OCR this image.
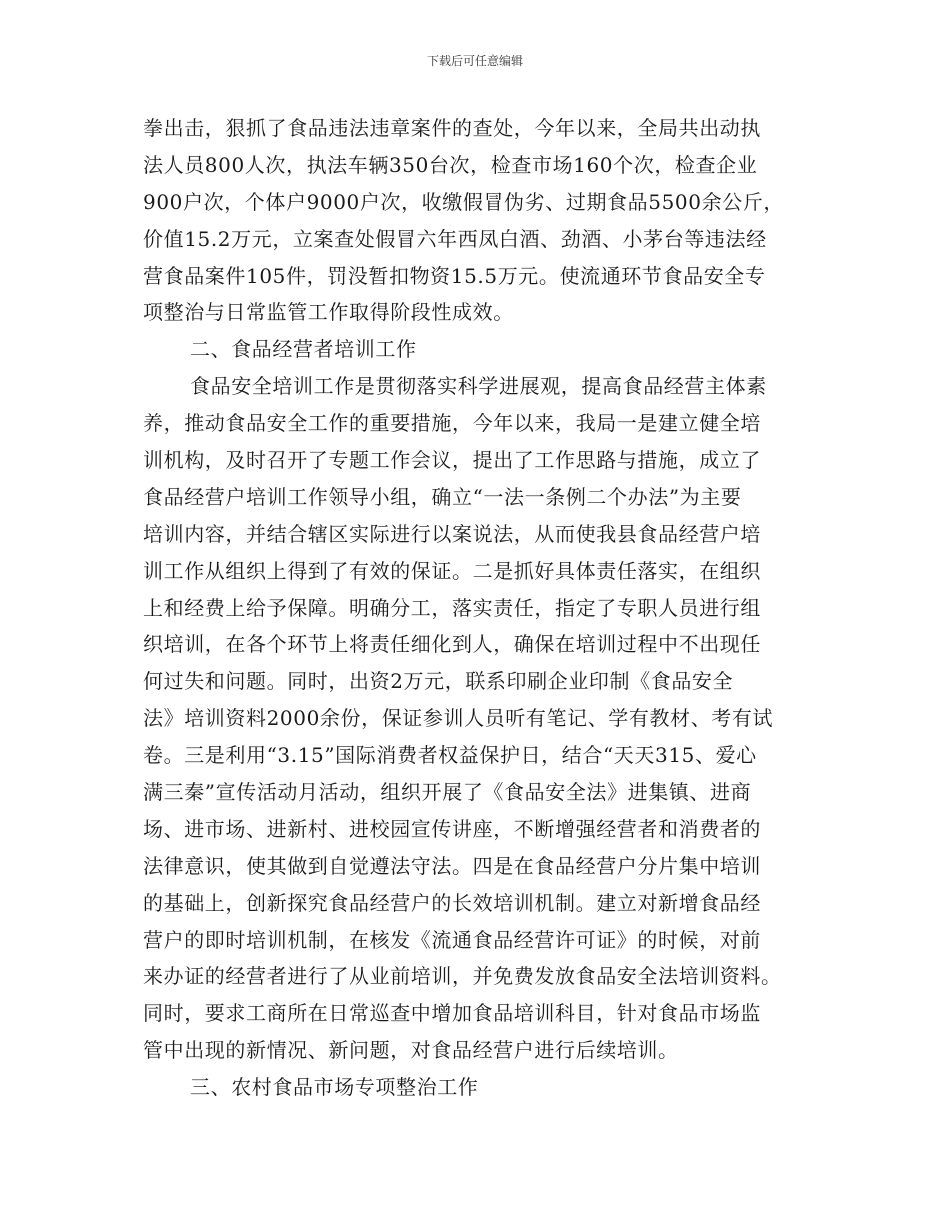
下载后可任意编辑
拳出击，狠抓了食品违法违章案件的查处，今年以来，全局共出动执
法人员800人次，执法车辆350台次，检查市场160个次，检查企业
900户次，个体户9000户次，收缴假冒伪劣、过期食品5500余公斤，
价值15.2万元，立案查处假冒六年西凤白酒、劲酒、小茅台等违法经
营食品案件105件，罚没暂扣物资15.5万元。使流通环节食品安全专
项整治与日常监管工作取得阶段性成效。
二、食品经营者培训工作
食品安全培训工作是贯彻落实科学进展观，提高食品经营主体素
养，推动食品安全工作的重要措施，今年以来，我局一是建立健全培
训机构，及时召开了专题工作会议，提出了工作思路与措施，成立了
食品经营户培训工作领导小组，确立“一法一条例二个办法”为主要
培训内容，并结合辖区实际进行以案说法，从而使我县食品经营户培
训工作从组织上得到了有效的保证。二是抓好具体责任落实，在组织
上和经费上给予保障。明确分工，落实责任，指定了专职人员进行组
织培训，在各个环节上将责任细化到人，确保在培训过程中不出现任
何过失和问题。同时，出资2万元，联系印刷企业印制《食品安全
法》培训资料2000余份，保证参训人员听有笔记、学有教材、考有试
卷。三是利用“3.15”国际消费者权益保护日，结合“天天315、爱心
满三秦”宣传活动月活动，组织开展了《食品安全法》进集镇、进商
场、进市场、进新村、进校园宣传讲座，不断增强经营者和消费者的
法律意识，使其做到自觉遵法守法。四是在食品经营户分片集中培训
的基础上，创新探究食品经营户的长效培训机制。建立对新增食品经
营户的即时培训机制，在核发《流通食品经营许可证》的时候，对前
来办证的经营者进行了从业前培训，并免费发放食品安全法培训资料。
同时，要求工商所在日常巡查中增加食品培训科目，针对食品市场监
管中出现的新情况、新问题，对食品经营户进行后续培训。
三、农村食品市场专项整治工作
